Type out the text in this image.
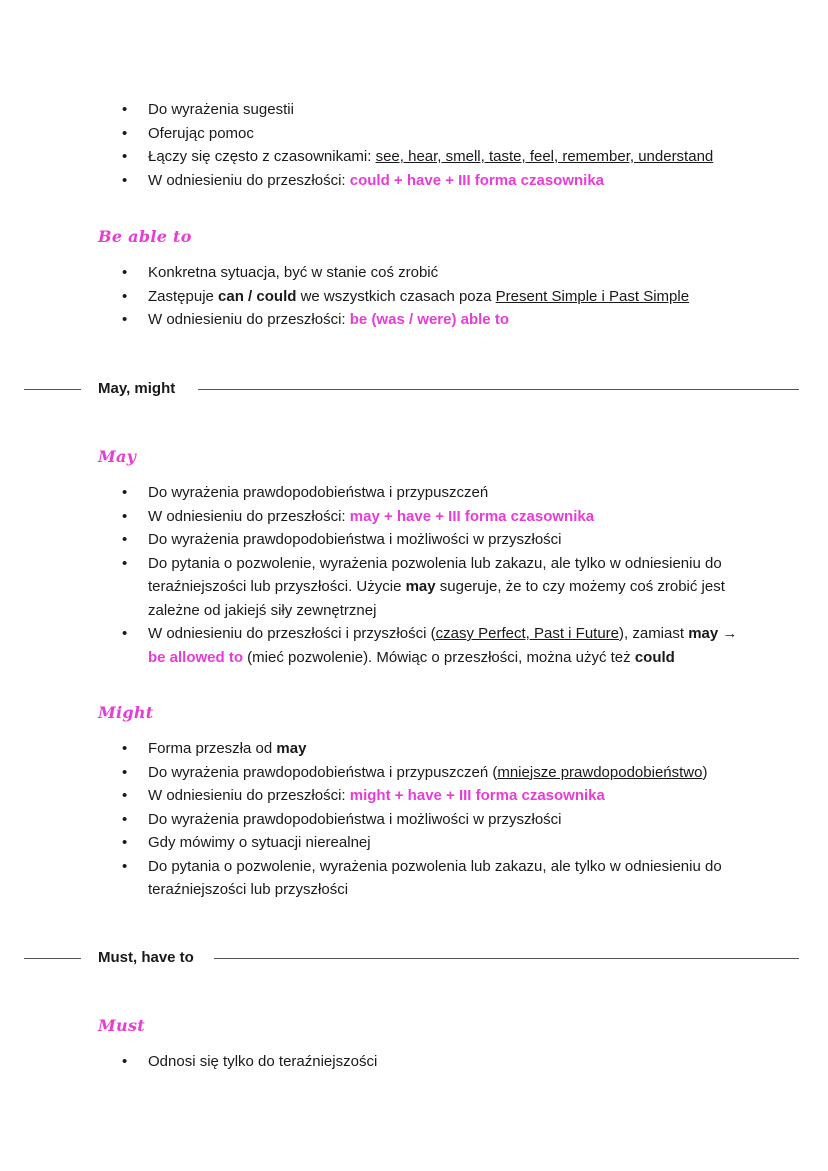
• Do wyrażenia sugestii
• Oferując pomoc
• Łączy się często z czasownikami: see, hear, smell, taste, feel, remember, understand
• W odniesieniu do przeszłości: could + have + III forma czasownika
Be able to
• Konkretna sytuacja, być w stanie coś zrobić
• Zastępuje can / could we wszystkich czasach poza Present Simple i Past Simple
• W odniesieniu do przeszłości: be (was / were) able to
May, might
May
• Do wyrażenia prawdopodobieństwa i przypuszczeń
• W odniesieniu do przeszłości: may + have + III forma czasownika
• Do wyrażenia prawdopodobieństwa i możliwości w przyszłości
• Do pytania o pozwolenie, wyrażenia pozwolenia lub zakazu, ale tylko w odniesieniu do teraźniejszości lub przyszłości. Użycie may sugeruje, że to czy możemy coś zrobić jest zależne od jakiejś siły zewnętrznej
• W odniesieniu do przeszłości i przyszłości (czasy Perfect, Past i Future), zamiast may → be allowed to (mieć pozwolenie). Mówiąc o przeszłości, można użyć też could
Might
• Forma przeszła od may
• Do wyrażenia prawdopodobieństwa i przypuszczeń (mniejsze prawdopodobieństwo)
• W odniesieniu do przeszłości: might + have + III forma czasownika
• Do wyrażenia prawdopodobieństwa i możliwości w przyszłości
• Gdy mówimy o sytuacji nierealnej
• Do pytania o pozwolenie, wyrażenia pozwolenia lub zakazu, ale tylko w odniesieniu do teraźniejszości lub przyszłości
Must, have to
Must
• Odnosi się tylko do teraźniejszości
